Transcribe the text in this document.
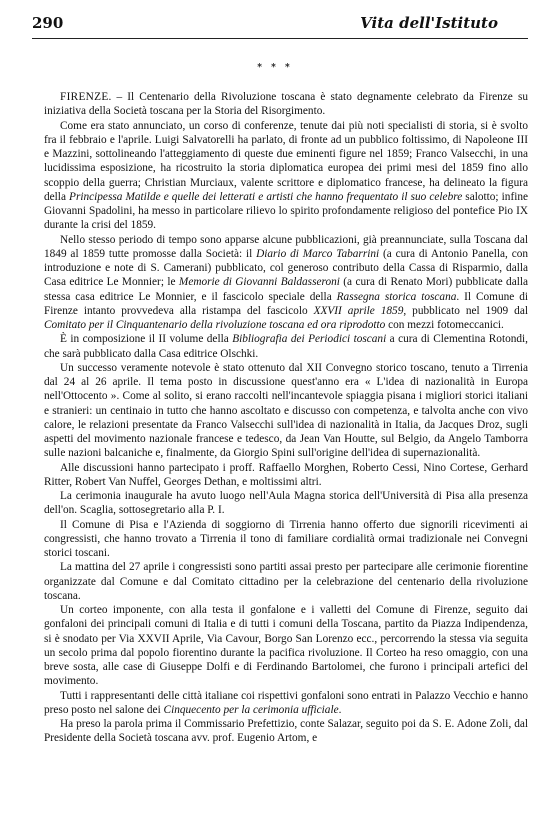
290	Vita dell'Istituto
* * *

FIRENZE. – Il Centenario della Rivoluzione toscana è stato degnamente celebrato da Firenze su iniziativa della Società toscana per la Storia del Risorgimento.

Come era stato annunciato, un corso di conferenze, tenute dai più noti specialisti di storia, si è svolto fra il febbraio e l'aprile. Luigi Salvatorelli ha parlato, di fronte ad un pubblico foltissimo, di Napoleone III e Mazzini, sottolineando l'atteggiamento di queste due eminenti figure nel 1859; Franco Valsecchi, in una lucidissima esposizione, ha ricostruito la storia diplomatica europea dei primi mesi del 1859 fino allo scoppio della guerra; Christian Murciaux, valente scrittore e diplomatico francese, ha delineato la figura della Principessa Matilde e quelle dei letterati e artisti che hanno frequentato il suo celebre salotto; infine Giovanni Spadolini, ha messo in particolare rilievo lo spirito profondamente religioso del pontefice Pio IX durante la crisi del 1859.

Nello stesso periodo di tempo sono apparse alcune pubblicazioni, già preannunciate, sulla Toscana dal 1849 al 1859 tutte promosse dalla Società: il Diario di Marco Tabarrini (a cura di Antonio Panella, con introduzione e note di S. Camerani) pubblicato, col generoso contributo della Cassa di Risparmio, dalla Casa editrice Le Monnier; le Memorie di Giovanni Baldasseroni (a cura di Renato Mori) pubblicate dalla stessa casa editrice Le Monnier, e il fascicolo speciale della Rassegna storica toscana. Il Comune di Firenze intanto provvedeva alla ristampa del fascicolo XXVII aprile 1859, pubblicato nel 1909 dal Comitato per il Cinquantenario della rivoluzione toscana ed ora riprodotto con mezzi fotomeccanici.

È in composizione il II volume della Bibliografia dei Periodici toscani a cura di Clementina Rotondi, che sarà pubblicato dalla Casa editrice Olschki.

Un successo veramente notevole è stato ottenuto dal XII Convegno storico toscano, tenuto a Tirrenia dal 24 al 26 aprile. Il tema posto in discussione quest'anno era « L'idea di nazionalità in Europa nell'Ottocento ». Come al solito, si erano raccolti nell'incantevole spiaggia pisana i migliori storici italiani e stranieri: un centinaio in tutto che hanno ascoltato e discusso con competenza, e talvolta anche con vivo calore, le relazioni presentate da Franco Valsecchi sull'idea di nazionalità in Italia, da Jacques Droz, sugli aspetti del movimento nazionale francese e tedesco, da Jean Van Houtte, sul Belgio, da Angelo Tamborra sulle nazioni balcaniche e, finalmente, da Giorgio Spini sull'origine dell'idea di supernazionalità.

Alle discussioni hanno partecipato i proff. Raffaello Morghen, Roberto Cessi, Nino Cortese, Gerhard Ritter, Robert Van Nuffel, Georges Dethan, e moltissimi altri.

La cerimonia inaugurale ha avuto luogo nell'Aula Magna storica dell'Università di Pisa alla presenza dell'on. Scaglia, sottosegretario alla P. I.

Il Comune di Pisa e l'Azienda di soggiorno di Tirrenia hanno offerto due signorili ricevimenti ai congressisti, che hanno trovato a Tirrenia il tono di familiare cordialità ormai tradizionale nei Convegni storici toscani.

La mattina del 27 aprile i congressisti sono partiti assai presto per partecipare alle cerimonie fiorentine organizzate dal Comune e dal Comitato cittadino per la celebrazione del centenario della rivoluzione toscana.

Un corteo imponente, con alla testa il gonfalone e i valletti del Comune di Firenze, seguito dai gonfaloni dei principali comuni di Italia e di tutti i comuni della Toscana, partito da Piazza Indipendenza, si è snodato per Via XXVII Aprile, Via Cavour, Borgo San Lorenzo ecc., percorrendo la stessa via seguita un secolo prima dal popolo fiorentino durante la pacifica rivoluzione. Il Corteo ha reso omaggio, con una breve sosta, alle case di Giuseppe Dolfi e di Ferdinando Bartolomei, che furono i principali artefici del movimento.

Tutti i rappresentanti delle città italiane coi rispettivi gonfaloni sono entrati in Palazzo Vecchio e hanno preso posto nel salone dei Cinquecento per la cerimonia ufficiale.

Ha preso la parola prima il Commissario Prefettizio, conte Salazar, seguito poi da S. E. Adone Zoli, dal Presidente della Società toscana avv. prof. Eugenio Artom, e
